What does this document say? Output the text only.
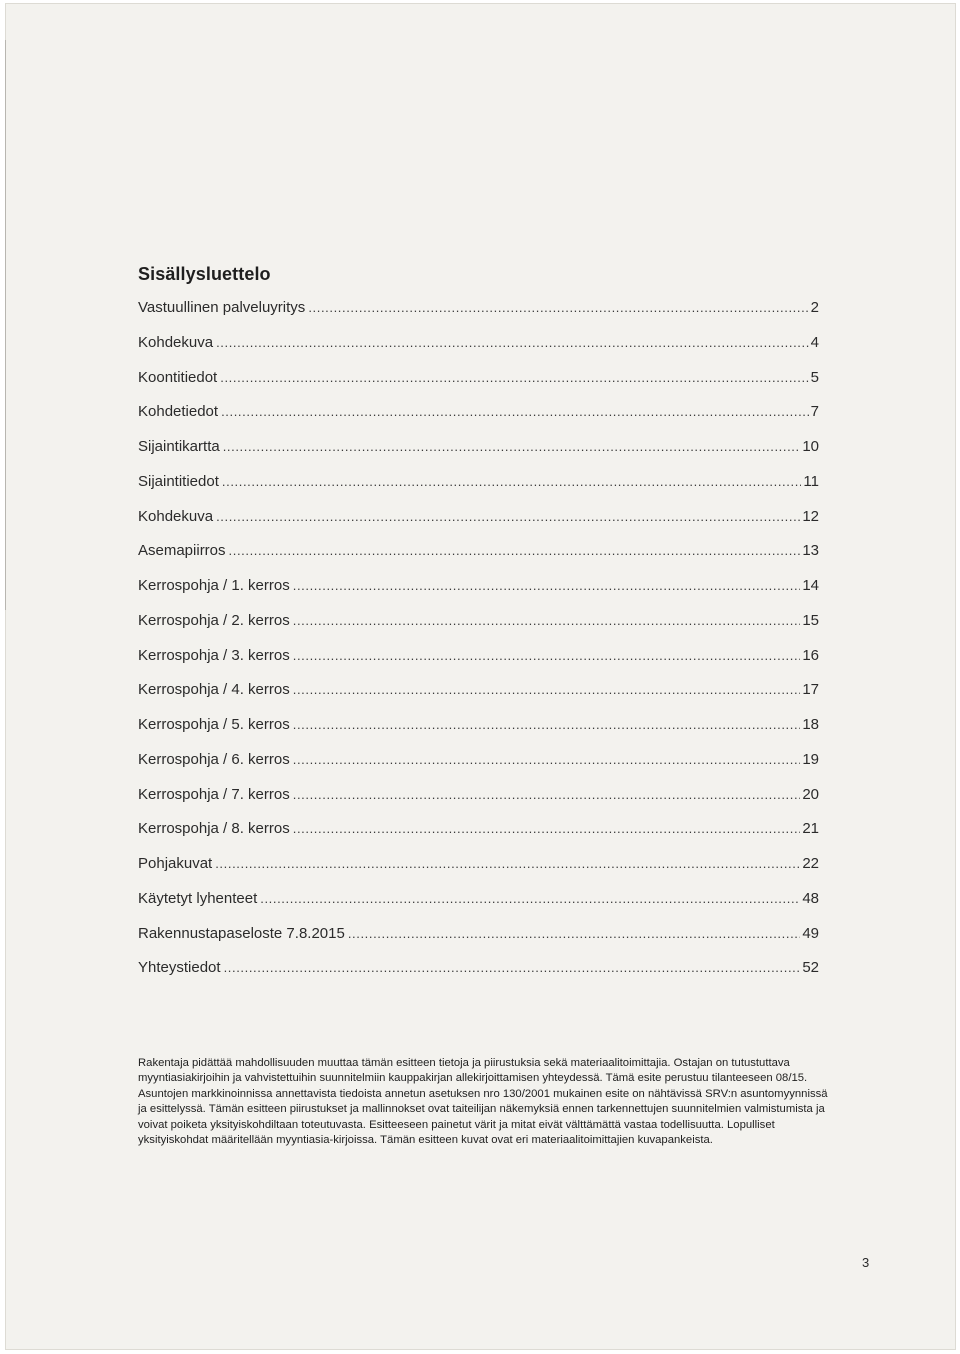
Sisällysluettelo
Vastuullinen palveluyritys .....	2
Kohdekuva .....	4
Koontitiedot .....	5
Kohdetiedot .....	7
Sijaintikartta .....	10
Sijaintitiedot .....	11
Kohdekuva .....	12
Asemapiirros .....	13
Kerrospohja / 1. kerros .....	14
Kerrospohja / 2. kerros .....	15
Kerrospohja / 3. kerros .....	16
Kerrospohja / 4. kerros .....	17
Kerrospohja / 5. kerros .....	18
Kerrospohja / 6. kerros .....	19
Kerrospohja / 7. kerros .....	20
Kerrospohja / 8. kerros .....	21
Pohjakuvat .....	22
Käytetyt lyhenteet .....	48
Rakennustapaseloste 7.8.2015 .....	49
Yhteystiedot .....	52

Rakentaja pidättää mahdollisuuden muuttaa tämän esitteen tietoja ja piirustuksia sekä materiaalitoimittajia. Ostajan on tutustuttava myyntiasiakirjoihin ja vahvistettuihin suunnitelmiin kauppakirjan allekirjoittamisen yhteydessä. Tämä esite perustuu tilanteeseen 08/15. Asuntojen markkinoinnissa annettavista tiedoista annetun asetuksen nro 130/2001 mukainen esite on nähtävissä SRV:n asuntomyynnissä ja esittelyssä. Tämän esitteen piirustukset ja mallinnokset ovat taiteilijan näkemyksiä ennen tarkennettujen suunnitelmien valmistumista ja voivat poiketa yksityiskohdiltaan toteutuvasta. Esitteeseen painetut värit ja mitat eivät välttämättä vastaa todellisuutta. Lopulliset yksityiskohdat määritellään myyntiasia-kirjoissa. Tämän esitteen kuvat ovat eri materiaalitoimittajien kuvapankeista.

3
